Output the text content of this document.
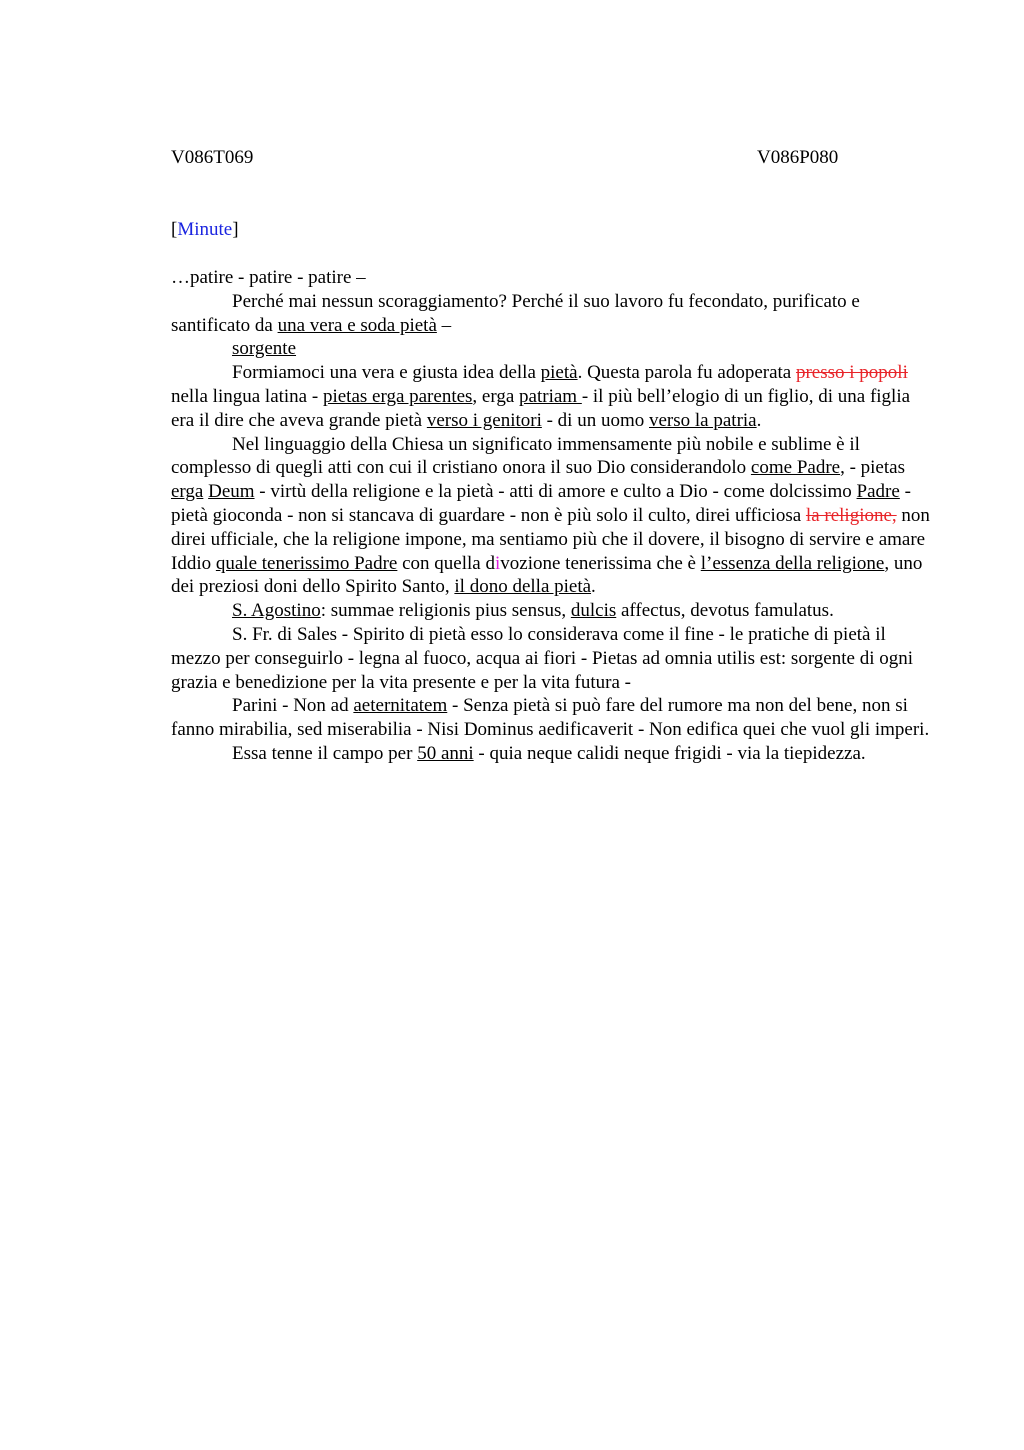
V086T069	V086P080
[Minute]

…patire - patire - patire –

Perché mai nessun scoraggiamento? Perché il suo lavoro fu fecondato, purificato e santificato da una vera e soda pietà –

sorgente

Formiamoci una vera e giusta idea della pietà. Questa parola fu adoperata presso i popoli nella lingua latina - pietas erga parentes, erga patriam - il più bell’elogio di un figlio, di una figlia era il dire che aveva grande pietà verso i genitori - di un uomo verso la patria.

Nel linguaggio della Chiesa un significato immensamente più nobile e sublime è il complesso di quegli atti con cui il cristiano onora il suo Dio considerandolo come Padre, - pietas erga Deum - virtù della religione e la pietà - atti di amore e culto a Dio - come dolcissimo Padre - pietà gioconda - non si stancava di guardare - non è più solo il culto, direi ufficiosa la religione, non direi ufficiale, che la religione impone, ma sentiamo più che il dovere, il bisogno di servire e amare Iddio quale tenerissimo Padre con quella divozione tenerissima che è l’essenza della religione, uno dei preziosi doni dello Spirito Santo, il dono della pietà.

S. Agostino: summae religionis pius sensus, dulcis affectus, devotus famulatus.

S. Fr. di Sales - Spirito di pietà esso lo considerava come il fine - le pratiche di pietà il mezzo per conseguirlo - legna al fuoco, acqua ai fiori - Pietas ad omnia utilis est: sorgente di ogni grazia e benedizione per la vita presente e per la vita futura -

Parini - Non ad aeternitatem - Senza pietà si può fare del rumore ma non del bene, non si fanno mirabilia, sed miserabilia - Nisi Dominus aedificaverit - Non edifica quei che vuol gli imperi.

Essa tenne il campo per 50 anni - quia neque calidi neque frigidi - via la tiepidezza.
